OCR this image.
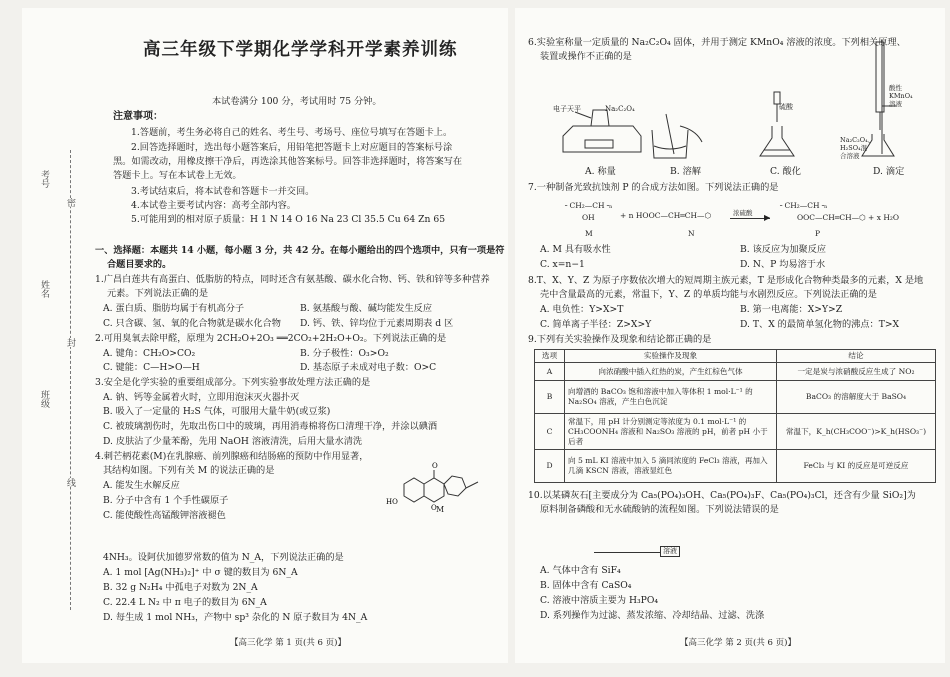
考号
姓名
班级
密
封
线
高三年级下学期化学学科开学素养训练
本试卷满分 100 分，考试用时 75 分钟。
注意事项：
1.答题前，考生务必将自己的姓名、考生号、考场号、座位号填写在答题卡上。
2.回答选择题时，选出每小题答案后，用铅笔把答题卡上对应题目的答案标号涂
黑。如需改动，用橡皮擦干净后，再选涂其他答案标号。回答非选择题时，将答案写在
答题卡上。写在本试卷上无效。
3.考试结束后，将本试卷和答题卡一并交回。
4.本试卷主要考试内容：高考全部内容。
5.可能用到的相对原子质量：H 1 N 14 O 16 Na 23 Cl 35.5 Cu 64 Zn 65
一、选择题：本题共 14 小题，每小题 3 分，共 42 分。在每小题给出的四个选项中，只有一项是符
合题目要求的。
1.广昌白莲共有高蛋白、低脂肪的特点，同时还含有氨基酸、碳水化合物、钙、铁和锌等多种营养
元素。下列说法正确的是
A. 蛋白质、脂肪均属于有机高分子	B. 氨基酸与酸、碱均能发生反应
C. 只含碳、氢、氧的化合物就是碳水化合物 D. 钙、铁、锌均位于元素周期表 d 区
2.可用臭氧去除甲醛，原理为 2CH₂O+2O₃ ══2CO₂+2H₂O+O₂。下列说法正确的是
A. 键角：CH₂O>CO₂	B. 分子极性：O₃>O₂
C. 键能：C—H>O—H	D. 基态原子未成对电子数：O>C
3.安全是化学实验的重要组成部分。下列实验事故处理方法正确的是
A. 钠、钙等金属着火时，立即用泡沫灭火器扑灭
B. 吸入了一定量的 H₂S 气体，可服用大量牛奶(或豆浆)
C. 被玻璃割伤时，先取出伤口中的玻璃，再用消毒棉将伤口清理干净，并涂以碘酒
D. 皮肤沾了少量苯酚，先用 NaOH 溶液清洗，后用大量水清洗
4.刺芒柄花素(M)在乳腺癌、前列腺癌和结肠癌的预防中作用显著，
其结构如图。下列有关 M 的说法正确的是
A. 能发生水解反应
B. 分子中含有 1 个手性碳原子
C. 能使酸性高锰酸钾溶液褪色
O
O
HO
M
4NH₃。设阿伏加德罗常数的值为 N_A，下列说法正确的是
A. 1 mol [Ag(NH₃)₂]⁺ 中 σ 键的数目为 6N_A
B. 32 g N₂H₄ 中孤电子对数为 2N_A
C. 22.4 L N₂ 中 π 电子的数目为 6N_A
D. 每生成 1 mol NH₃，产物中 sp³ 杂化的 N 原子数目为 4N_A
【高三化学 第 1 页(共 6 页)】
6.实验室称量一定质量的 Na₂C₂O₄ 固体，并用于测定 KMnO₄ 溶液的浓度。下列相关原理、
装置或操作不正确的是
电子天平	Na₂C₂O₄	硫酸
酸性
KMnO₄
溶液
Na₂C₂O₄、
H₂SO₄混
合溶液
A. 称量	B. 溶解	C. 酸化	D. 滴定
7.一种制备光致抗蚀剂 P 的合成方法如图。下列说法正确的是
╴CH₂—CH╶ₙ
OH	+ n HOOC—CH═CH—⬡	浓硫酸 ▶
╴CH₂—CH╶ₙ
OOC—CH═CH—⬡ + x H₂O
M	N	P
A. M 具有吸水性	B. 该反应为加聚反应
C. x=n−1	D. N、P 均易溶于水
8.T、X、Y、Z 为原子序数依次增大的短周期主族元素，T 是形成化合物种类最多的元素，X 是地
壳中含量最高的元素，常温下，Y、Z 的单质均能与水剧烈反应。下列说法正确的是
A. 电负性：Y>X>T	B. 第一电离能：X>Y>Z
C. 简单离子半径：Z>X>Y	D. T、X 的最简单氢化物的沸点：T>X
9.下列有关实验操作及现象和结论都正确的是
选项	实验操作及现象	结论
A	向浓硝酸中插入红热的炭，产生红棕色气体	一定是炭与浓硝酸反应生成了 NO₂
B	向增酒的 BaCO₃ 饱和溶液中加入等体积 1 mol·L⁻¹ 的 Na₂SO₄ 溶液，产生白色沉淀	BaCO₃ 的溶解度大于 BaSO₄
C	常温下，用 pH 计分别测定等浓度为 0.1 mol·L⁻¹ 的 CH₃COONH₄ 溶液和 Na₂SO₃ 溶液的 pH，前者 pH 小于后者	常温下，K_h(CH₃COO⁻)>K_h(HSO₃⁻)
D	向 5 mL KI 溶液中加入 5 滴同浓度的 FeCl₃ 溶液，再加入几滴 KSCN 溶液，溶液显红色	FeCl₃ 与 KI 的反应是可逆反应
10.以某磷灰石[主要成分为 Ca₅(PO₄)₃OH、Ca₅(PO₄)₃F、Ca₅(PO₄)₃Cl，还含有少量 SiO₂]为
原料制备磷酸和无水硫酸钠的流程如图。下列说法错误的是
溶液
A. 气体中含有 SiF₄
B. 固体中含有 CaSO₄
C. 溶液中溶质主要为 H₃PO₄
D. 系列操作为过滤、蒸发浓缩、冷却结晶、过滤、洗涤
【高三化学 第 2 页(共 6 页)】
